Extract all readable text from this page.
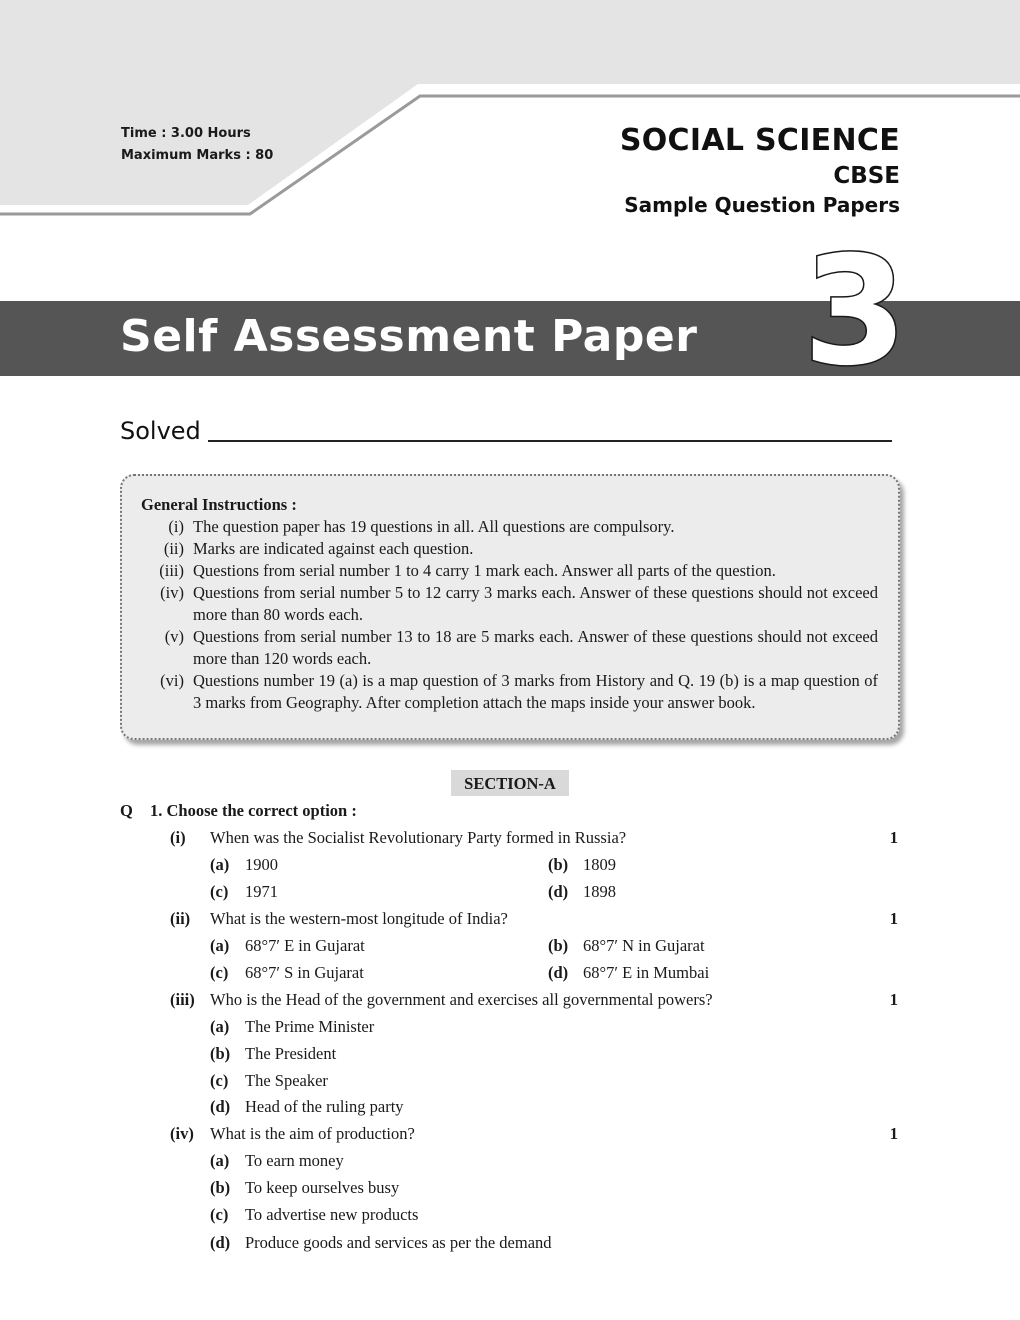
Time : 3.00 Hours
Maximum Marks : 80	SOCIAL SCIENCE
CBSE
Sample Question Papers
Self Assessment Paper 3
Solved
General Instructions :
(i) The question paper has 19 questions in all. All questions are compulsory.
(ii) Marks are indicated against each question.
(iii) Questions from serial number 1 to 4 carry 1 mark each. Answer all parts of the question.
(iv) Questions from serial number 5 to 12 carry 3 marks each. Answer of these questions should not exceed more than 80 words each.
(v) Questions from serial number 13 to 18 are 5 marks each. Answer of these questions should not exceed more than 120 words each.
(vi) Questions number 19 (a) is a map question of 3 marks from History and Q. 19 (b) is a map question of 3 marks from Geography. After completion attach the maps inside your answer book.
SECTION-A
Q 1. Choose the correct option :
(i) When was the Socialist Revolutionary Party formed in Russia?	1
(a) 1900	(b) 1809
(c) 1971	(d) 1898
(ii) What is the western-most longitude of India?	1
(a) 68°7′ E in Gujarat	(b) 68°7′ N in Gujarat
(c) 68°7′ S in Gujarat	(d) 68°7′ E in Mumbai
(iii) Who is the Head of the government and exercises all governmental powers?	1
(a) The Prime Minister
(b) The President
(c) The Speaker
(d) Head of the ruling party
(iv) What is the aim of production?	1
(a) To earn money
(b) To keep ourselves busy
(c) To advertise new products
(d) Produce goods and services as per the demand
